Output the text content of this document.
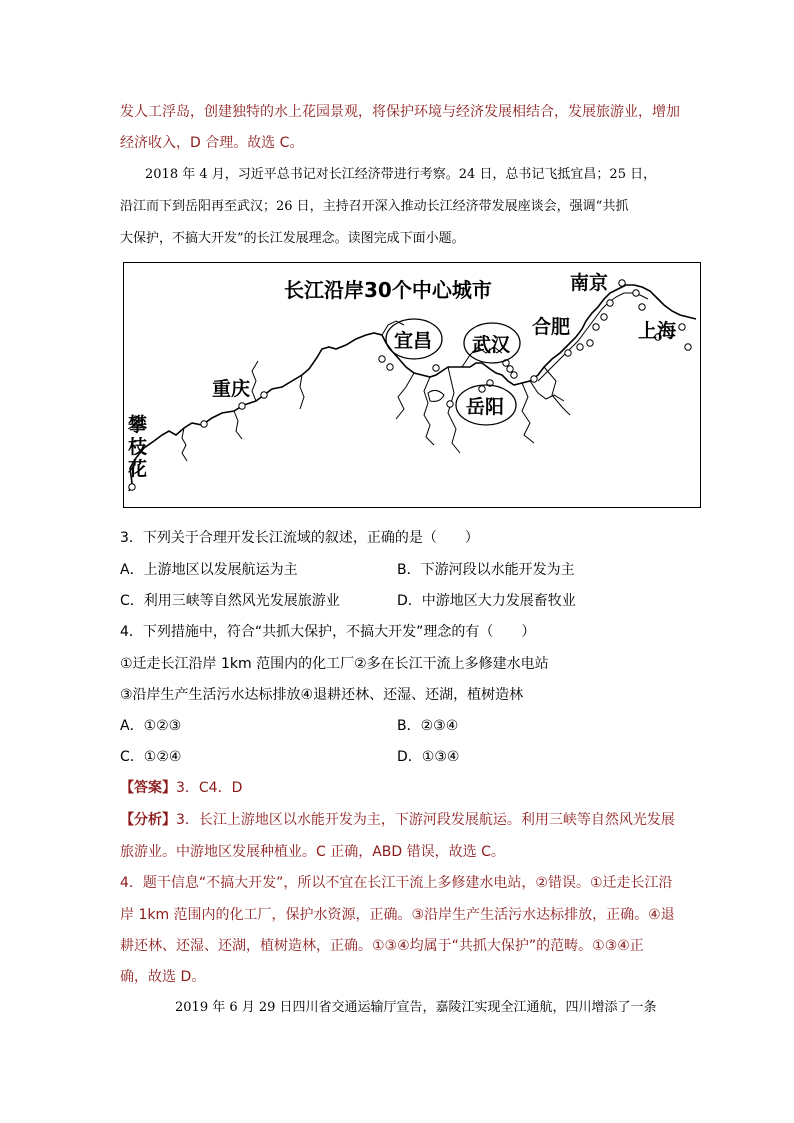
发人工浮岛，创建独特的水上花园景观，将保护环境与经济发展相结合，发展旅游业，增加
经济收入，D 合理。故选 C。
2018 年 4 月，习近平总书记对长江经济带进行考察。24 日，总书记飞抵宜昌；25 日，
沿江而下到岳阳再至武汉；26 日，主持召开深入推动长江经济带发展座谈会，强调“共抓
大保护，不搞大开发”的长江发展理念。读图完成下面小题。
长江沿岸30个中心城市	南京
合肥	上海
宜昌 武汉
岳阳
重庆
攀
枝
花
3．下列关于合理开发长江流域的叙述，正确的是（　　）
A．上游地区以发展航运为主	B．下游河段以水能开发为主
C．利用三峡等自然风光发展旅游业	D．中游地区大力发展畜牧业
4．下列措施中，符合“共抓大保护，不搞大开发”理念的有（　　）
①迁走长江沿岸 1km 范围内的化工厂②多在长江干流上多修建水电站
③沿岸生产生活污水达标排放④退耕还林、还湿、还湖，植树造林
A．①②③	B．②③④
C．①②④	D．①③④
【答案】3．C4．D
【分析】3．长江上游地区以水能开发为主，下游河段发展航运。利用三峡等自然风光发展
旅游业。中游地区发展种植业。C 正确，ABD 错误，故选 C。
4．题干信息“不搞大开发”，所以不宜在长江干流上多修建水电站，②错误。①迁走长江沿
岸 1km 范围内的化工厂，保护水资源，正确。③沿岸生产生活污水达标排放，正确。④退
耕还林、还湿、还湖，植树造林，正确。①③④均属于“共抓大保护”的范畴。①③④正
确，故选 D。
2019 年 6 月 29 日四川省交通运输厅宣告，嘉陵江实现全江通航，四川增添了一条
